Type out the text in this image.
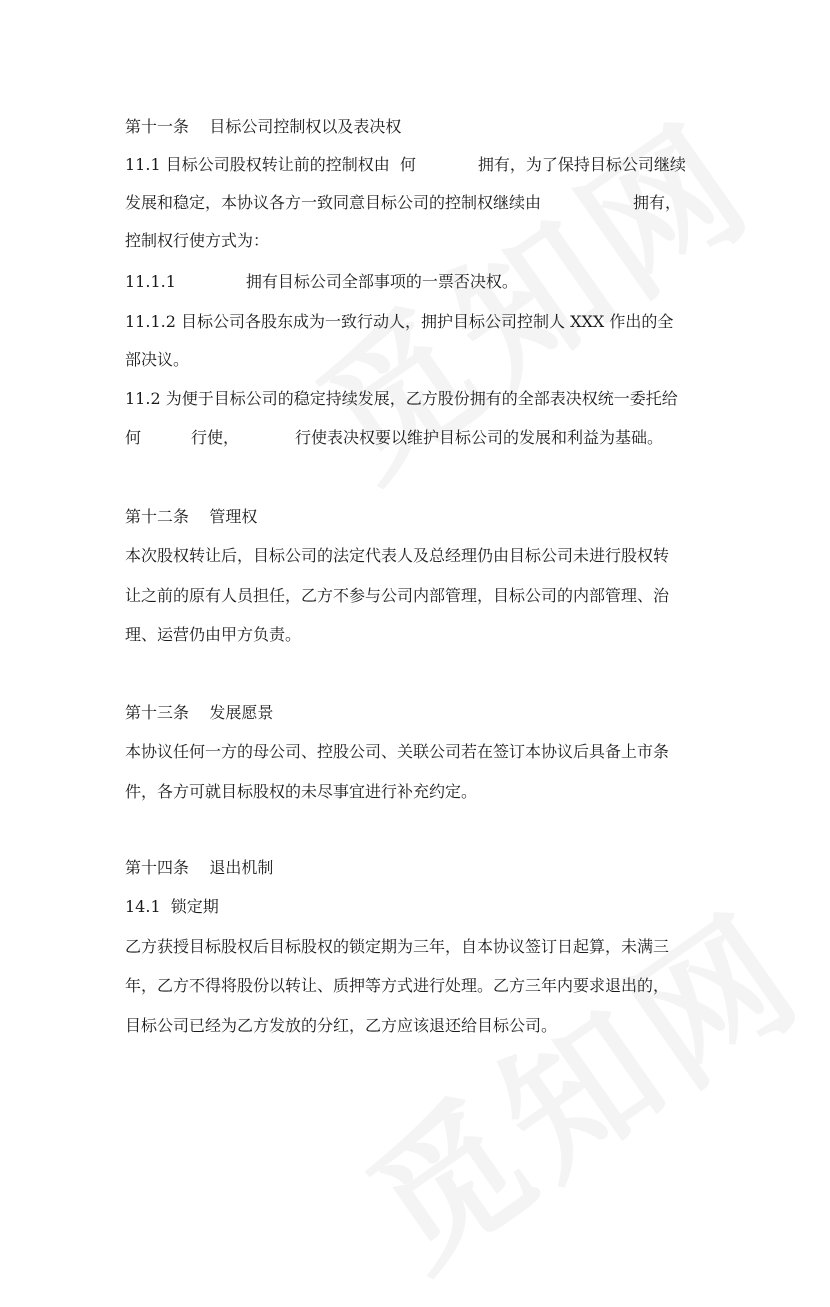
第十一条    目标公司控制权以及表决权
11.1 目标公司股权转让前的控制权由  何	拥有，为了保持目标公司继续
发展和稳定，本协议各方一致同意目标公司的控制权继续由	拥有，
控制权行使方式为：
11.1.1	拥有目标公司全部事项的一票否决权。
11.1.2 目标公司各股东成为一致行动人，拥护目标公司控制人 XXX 作出的全
部决议。
11.2 为便于目标公司的稳定持续发展，乙方股份拥有的全部表决权统一委托给
何	行使，	行使表决权要以维护目标公司的发展和利益为基础。
第十二条    管理权
本次股权转让后，目标公司的法定代表人及总经理仍由目标公司未进行股权转
让之前的原有人员担任，乙方不参与公司内部管理，目标公司的内部管理、治
理、运营仍由甲方负责。
第十三条    发展愿景
本协议任何一方的母公司、控股公司、关联公司若在签订本协议后具备上市条
件，各方可就目标股权的未尽事宜进行补充约定。
第十四条    退出机制
14.1  锁定期
乙方获授目标股权后目标股权的锁定期为三年，自本协议签订日起算，未满三
年，乙方不得将股份以转让、质押等方式进行处理。乙方三年内要求退出的，
目标公司已经为乙方发放的分红，乙方应该退还给目标公司。
